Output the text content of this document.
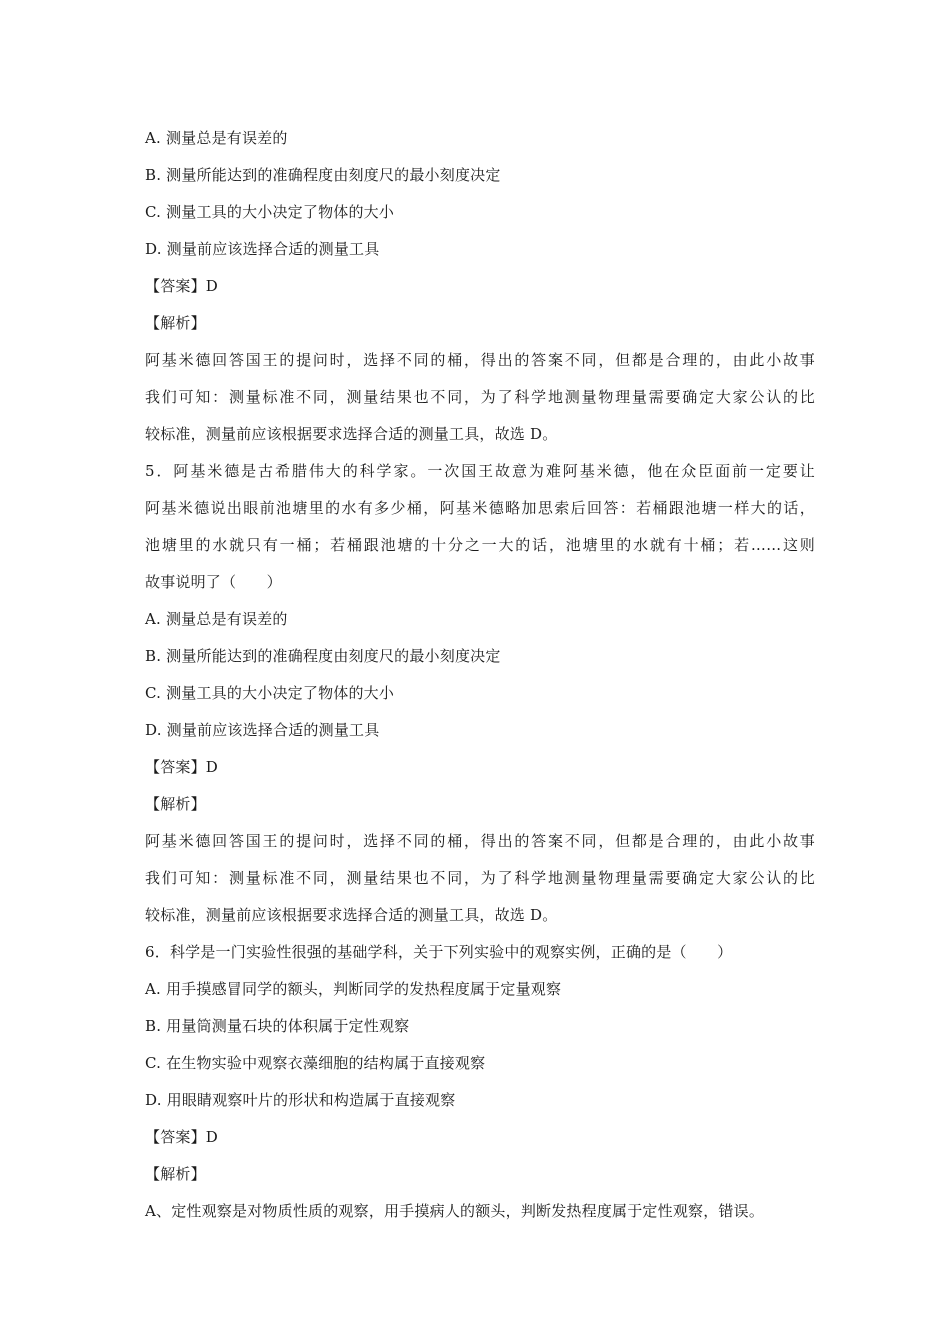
A. 测量总是有误差的
B. 测量所能达到的准确程度由刻度尺的最小刻度决定
C. 测量工具的大小决定了物体的大小
D. 测量前应该选择合适的测量工具
【答案】D
【解析】
阿基米德回答国王的提问时，选择不同的桶，得出的答案不同，但都是合理的，由此小故事
我们可知：测量标准不同，测量结果也不同，为了科学地测量物理量需要确定大家公认的比
较标准，测量前应该根据要求选择合适的测量工具，故选 D。
5．阿基米德是古希腊伟大的科学家。一次国王故意为难阿基米德，他在众臣面前一定要让
阿基米德说出眼前池塘里的水有多少桶，阿基米德略加思索后回答：若桶跟池塘一样大的话，
池塘里的水就只有一桶；若桶跟池塘的十分之一大的话，池塘里的水就有十桶；若……这则
故事说明了（　　）
A. 测量总是有误差的
B. 测量所能达到的准确程度由刻度尺的最小刻度决定
C. 测量工具的大小决定了物体的大小
D. 测量前应该选择合适的测量工具
【答案】D
【解析】
阿基米德回答国王的提问时，选择不同的桶，得出的答案不同，但都是合理的，由此小故事
我们可知：测量标准不同，测量结果也不同，为了科学地测量物理量需要确定大家公认的比
较标准，测量前应该根据要求选择合适的测量工具，故选 D。
6．科学是一门实验性很强的基础学科，关于下列实验中的观察实例，正确的是（　　）
A. 用手摸感冒同学的额头，判断同学的发热程度属于定量观察
B. 用量筒测量石块的体积属于定性观察
C. 在生物实验中观察衣藻细胞的结构属于直接观察
D. 用眼睛观察叶片的形状和构造属于直接观察
【答案】D
【解析】
A、定性观察是对物质性质的观察，用手摸病人的额头，判断发热程度属于定性观察，错误。
